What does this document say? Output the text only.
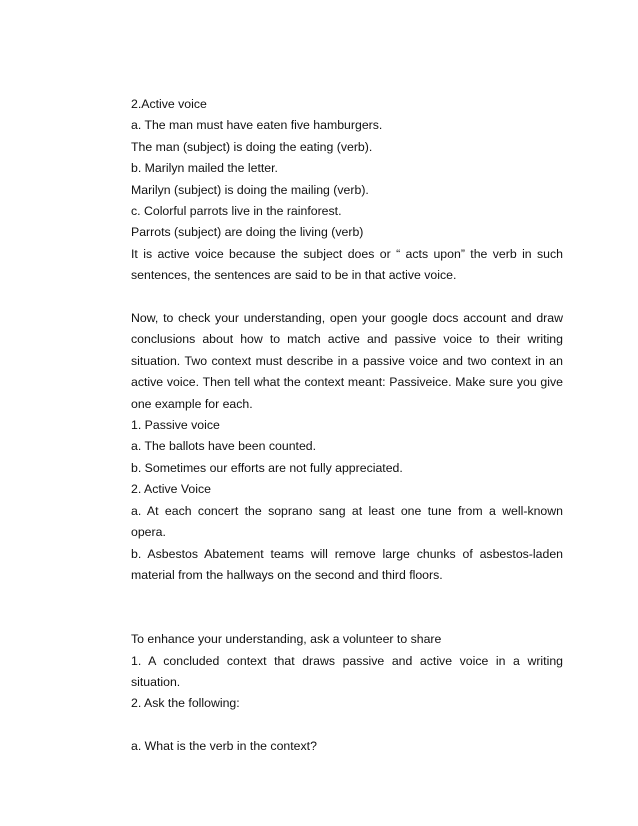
2.Active voice

a. The man must have eaten five hamburgers.

The man (subject) is doing the eating (verb).

b. Marilyn mailed the letter.

Marilyn (subject) is doing the mailing (verb).

c. Colorful parrots live in the rainforest.

Parrots (subject) are doing the living (verb)

It is active voice because the subject does or “ acts upon” the verb in such sentences, the sentences are said to be in that active voice.

Now, to check your understanding, open your google docs account and draw conclusions about how to match active and passive voice to their writing situation. Two context must describe in a passive voice and two context in an active voice. Then tell what the context meant: Passiveice. Make sure you give one example for each.

1. Passive voice

a. The ballots have been counted.

b. Sometimes our efforts are not fully appreciated.

2. Active Voice

a. At each concert the soprano sang at least one tune from a well-known opera.

b. Asbestos Abatement teams will remove large chunks of asbestos-laden material from the hallways on the second and third floors.

To enhance your understanding, ask a volunteer to share

1. A concluded context that draws passive and active voice in a writing situation.

2. Ask the following:

a. What is the verb in the context?
